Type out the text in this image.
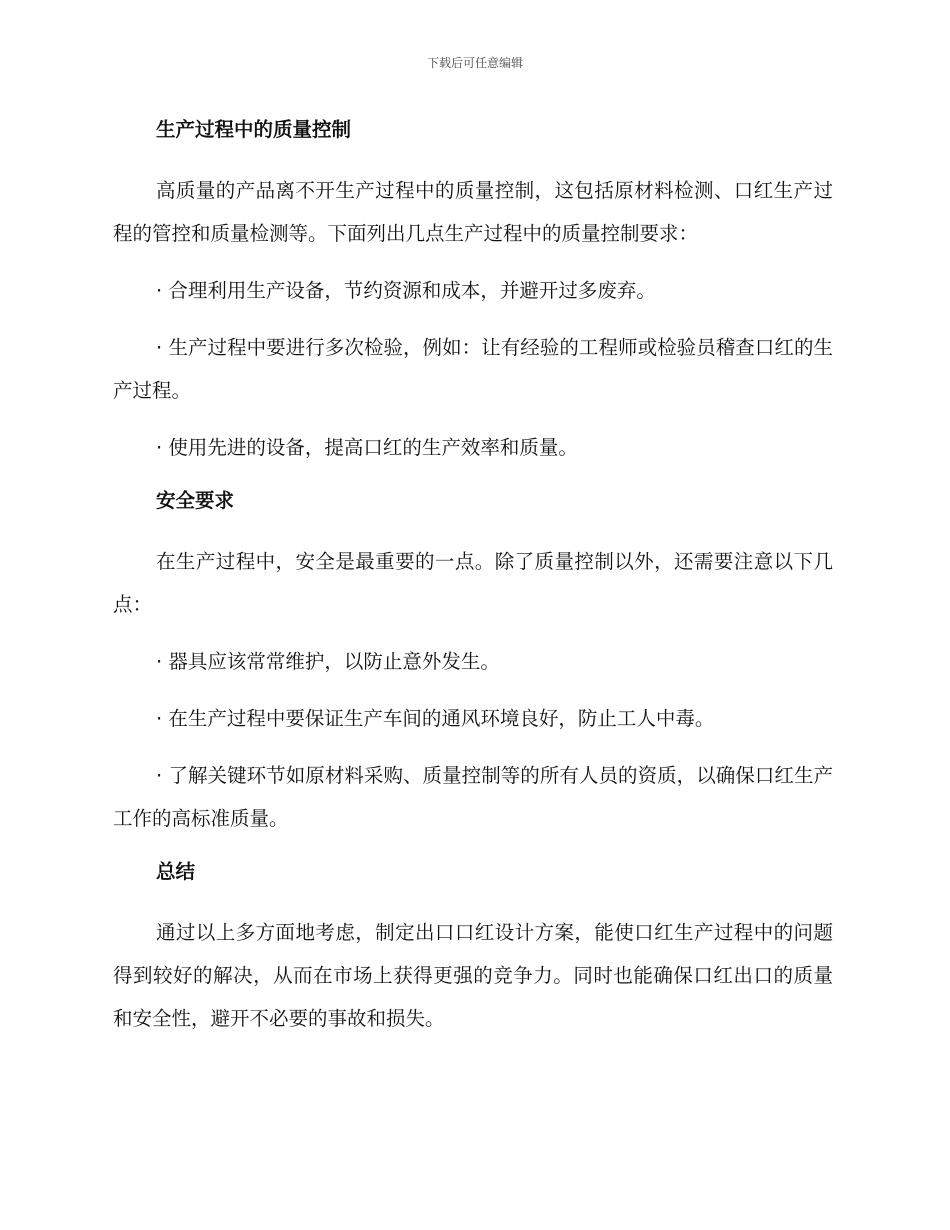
下载后可任意编辑
生产过程中的质量控制

高质量的产品离不开生产过程中的质量控制，这包括原材料检测、口红生产过程的管控和质量检测等。下面列出几点生产过程中的质量控制要求：

· 合理利用生产设备，节约资源和成本，并避开过多废弃。

· 生产过程中要进行多次检验，例如：让有经验的工程师或检验员稽查口红的生产过程。

· 使用先进的设备，提高口红的生产效率和质量。

安全要求

在生产过程中，安全是最重要的一点。除了质量控制以外，还需要注意以下几点：

· 器具应该常常维护，以防止意外发生。

· 在生产过程中要保证生产车间的通风环境良好，防止工人中毒。

· 了解关键环节如原材料采购、质量控制等的所有人员的资质，以确保口红生产工作的高标准质量。

总结

通过以上多方面地考虑，制定出口口红设计方案，能使口红生产过程中的问题得到较好的解决，从而在市场上获得更强的竞争力。同时也能确保口红出口的质量和安全性，避开不必要的事故和损失。
